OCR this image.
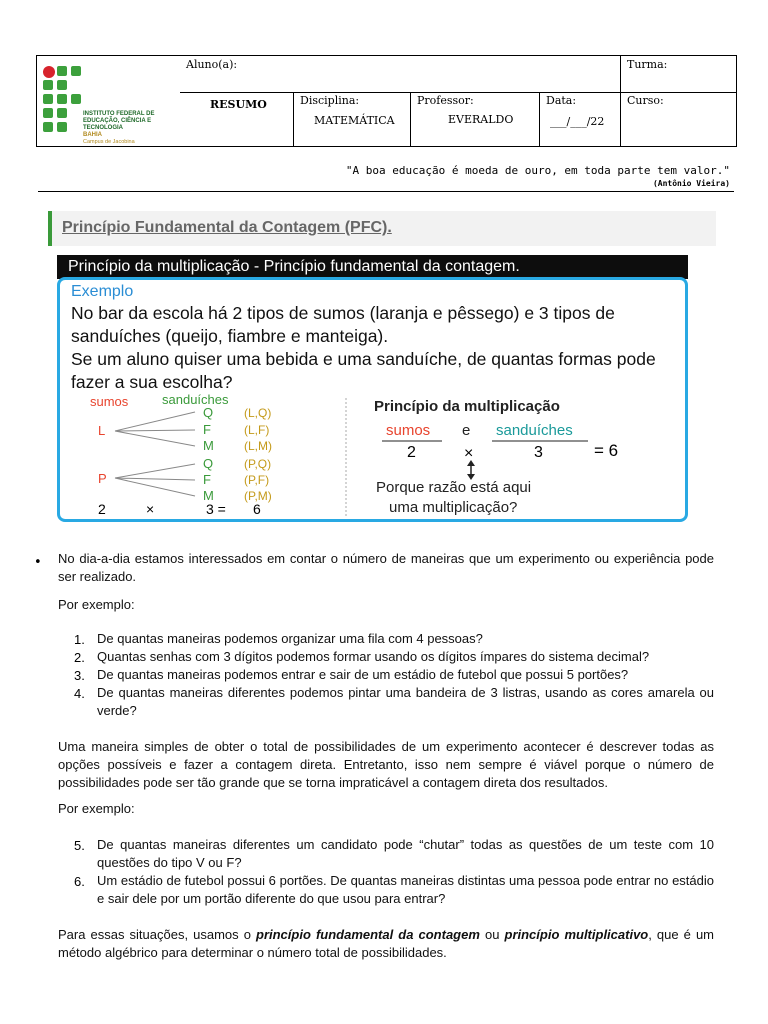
INSTITUTO FEDERAL DE
EDUCAÇÃO, CIÊNCIA E TECNOLOGIA
BAHIA
Campus de Jacobina
Aluno(a):	Turma:
RESUMO	Disciplina:
MATEMÁTICA
Professor:
EVERALDO
Data:
___/___/22
Curso:
"A boa educação é moeda de ouro, em toda parte tem valor."
(Antônio Vieira)
Princípio Fundamental da Contagem (PFC).
Princípio da multiplicação - Princípio fundamental da contagem.
Exemplo
No bar da escola há 2 tipos de sumos (laranja e pêssego) e 3 tipos de sanduíches (queijo, fiambre e manteiga).
Se um aluno quiser uma bebida e uma sanduíche, de quantas formas pode fazer a sua escolha?
sumos	sanduíches
L
P
Q
F
M
Q
F
M
(L,Q)
(L,F)
(L,M)
(P,Q)
(P,F)
(P,M)
2	×	3 = 6
Princípio da multiplicação
sumos e sanduíches
2	×	3	= 6
Porque razão está aqui
uma multiplicação?
• No dia-a-dia estamos interessados em contar o número de maneiras que um experimento ou experiência pode ser realizado.
Por exemplo:
1. De quantas maneiras podemos organizar uma fila com 4 pessoas?
2. Quantas senhas com 3 dígitos podemos formar usando os dígitos ímpares do sistema decimal?
3. De quantas maneiras podemos entrar e sair de um estádio de futebol que possui 5 portões?
4. De quantas maneiras diferentes podemos pintar uma bandeira de 3 listras, usando as cores amarela ou verde?
Uma maneira simples de obter o total de possibilidades de um experimento acontecer é descrever todas as opções possíveis e fazer a contagem direta. Entretanto, isso nem sempre é viável porque o número de possibilidades pode ser tão grande que se torna impraticável a contagem direta dos resultados.
Por exemplo:
5. De quantas maneiras diferentes um candidato pode “chutar” todas as questões de um teste com 10 questões do tipo V ou F?
6. Um estádio de futebol possui 6 portões. De quantas maneiras distintas uma pessoa pode entrar no estádio e sair dele por um portão diferente do que usou para entrar?
Para essas situações, usamos o princípio fundamental da contagem ou princípio multiplicativo, que é um método algébrico para determinar o número total de possibilidades.
